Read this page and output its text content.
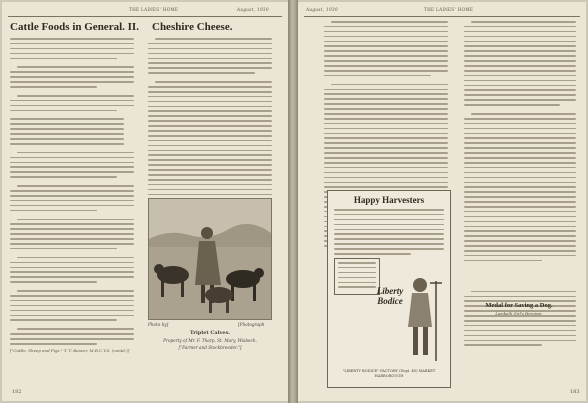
THE LADIES' HOME	August, 1930
Cattle Foods in General. II. Cheshire Cheese.
["Cattle, Sheep and Pigs." T. T. Beaver, M.R.C.V.S. (contd.)]
Photo by]	[Photograph
Triplet Calves.
Property of Mr. F. Tharp, St. Mary, Wisbech.
["Farmer and Stockbreeder."]
182
August, 1930	THE LADIES' HOME
183
Happy Harvesters
Liberty
Bodice
"LIBERTY BODICE" FACTORY (Dept. 40) MARKET HARBOROUGH
Medal for Saving a Dog.
Lambeth Girl's Heroism.
